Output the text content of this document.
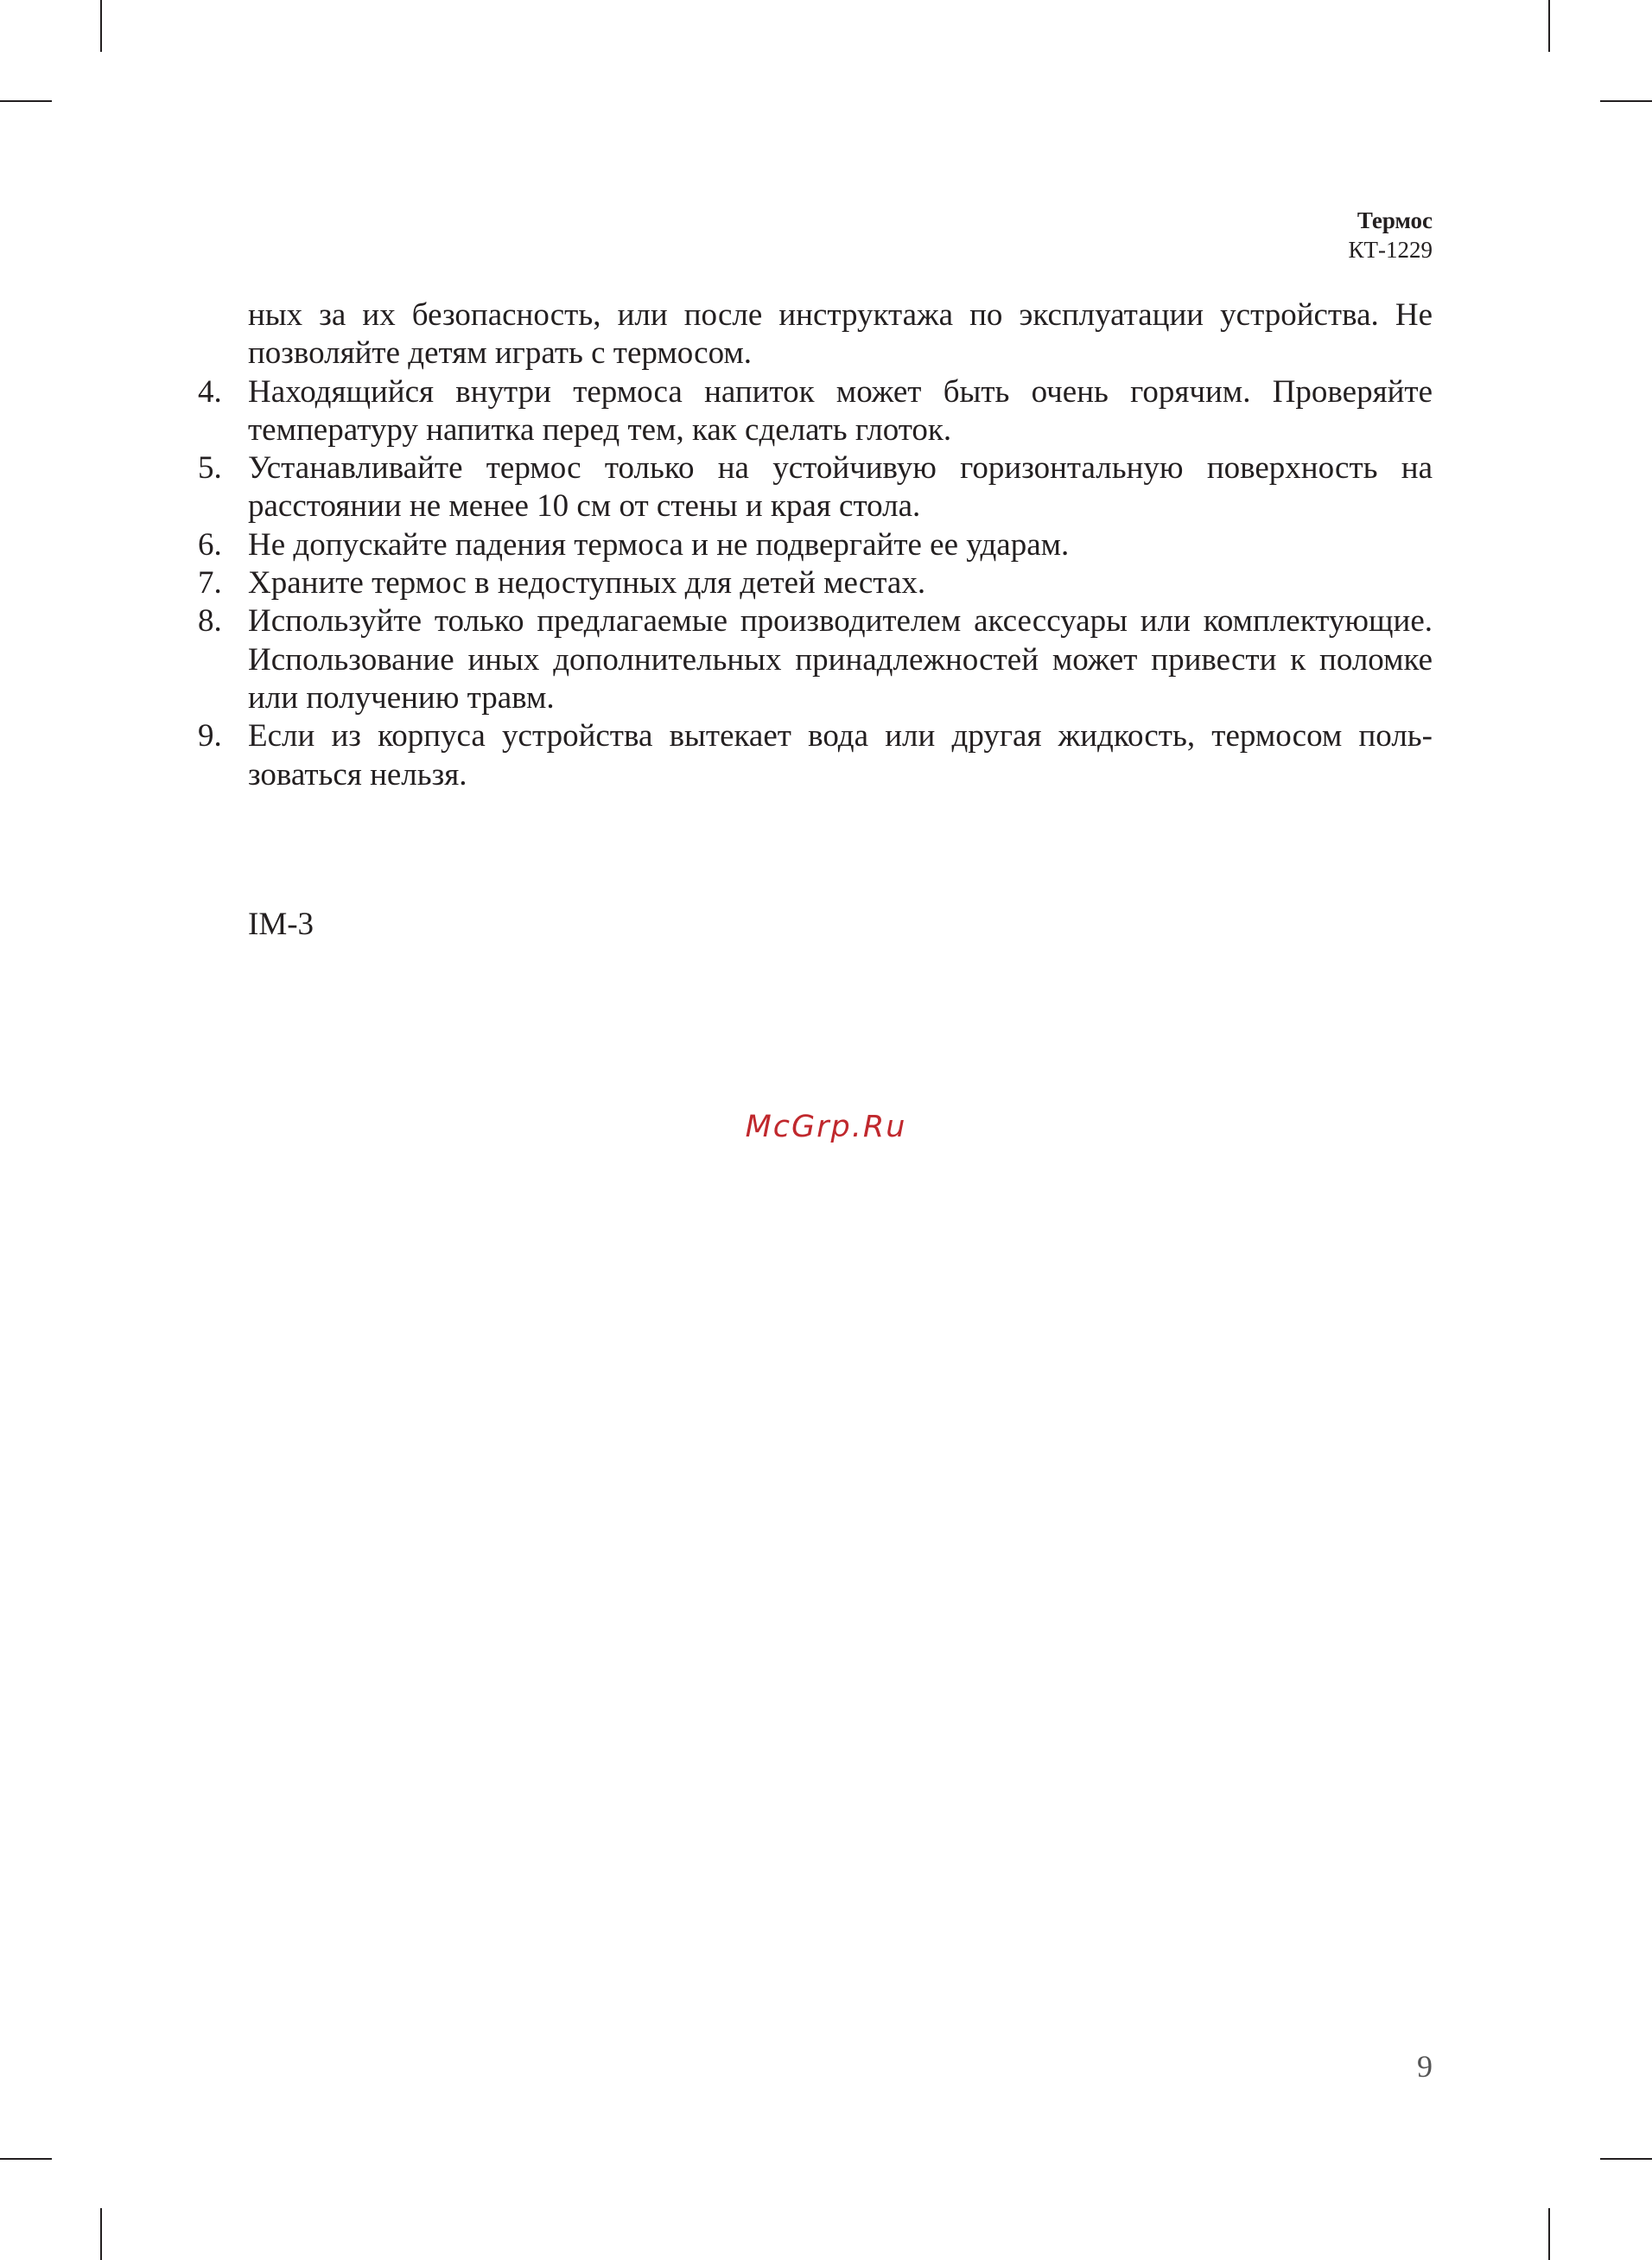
Термос
КТ-1229
ных за их безопасность, или после инструктажа по эксплуатации устройства. Не позволяйте детям играть с термосом.
4. Находящийся внутри термоса напиток может быть очень горячим. Проверяйте температуру напитка перед тем, как сделать глоток.
5. Устанавливайте термос только на устойчивую горизонтальную поверхность на расстоянии не менее 10 см от стены и края стола.
6. Не допускайте падения термоса и не подвергайте ее ударам.
7. Храните термос в недоступных для детей местах.
8. Используйте только предлагаемые производителем аксессуары или комплектующие. Использование иных дополнительных принадлежностей может привести к поломке или получению травм.
9. Если из корпуса устройства вытекает вода или другая жидкость, термосом пользоваться нельзя.
IM-3
McGrp.Ru
9
